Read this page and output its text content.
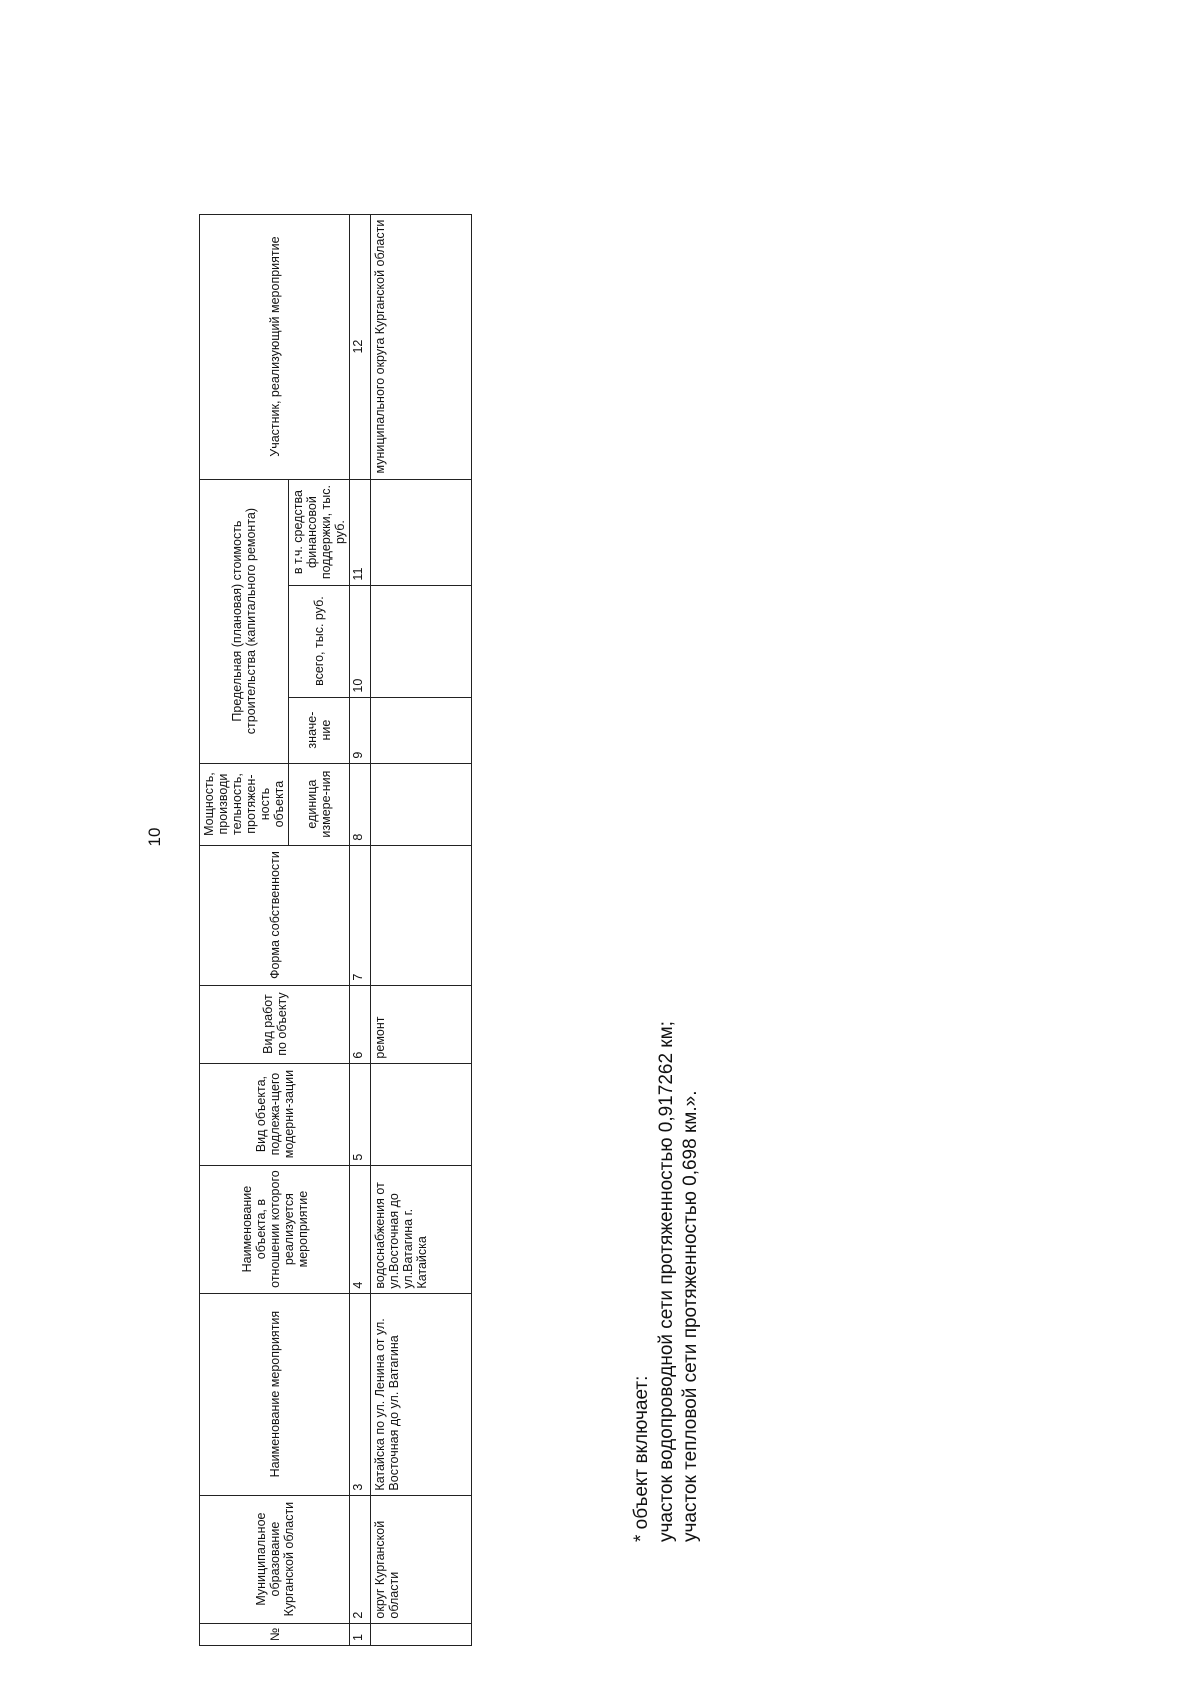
10
№	Муниципальное образование Курганской области	Наименование мероприятия	Наименование объекта, в отношении которого реализуется мероприятие	Вид объекта, подлежа-щего модерни-зации	Вид работ по объекту	Форма собственности	Мощность, производи тельность, протяжен-ность объекта	Предельная (плановая) стоимость строительства (капитального ремонта)			Участник, реализующий мероприятие
							единица измере-ния	значе-ние	всего, тыс. руб.	в т.ч. средства финансовой поддержки, тыс. руб.	
1	2	3	4	5	6	7	8	9	10	11	12
	округ Курганской области	Катайска по ул. Ленина от ул. Восточная до ул. Ватагина	водоснабжения от ул.Восточная до ул.Ватагина г. Катайска		ремонт						муниципального округа Курганской области
* объект включает: участок водопроводной сети протяженностью 0,917262 км; участок тепловой сети протяженностью 0,698 км.».
